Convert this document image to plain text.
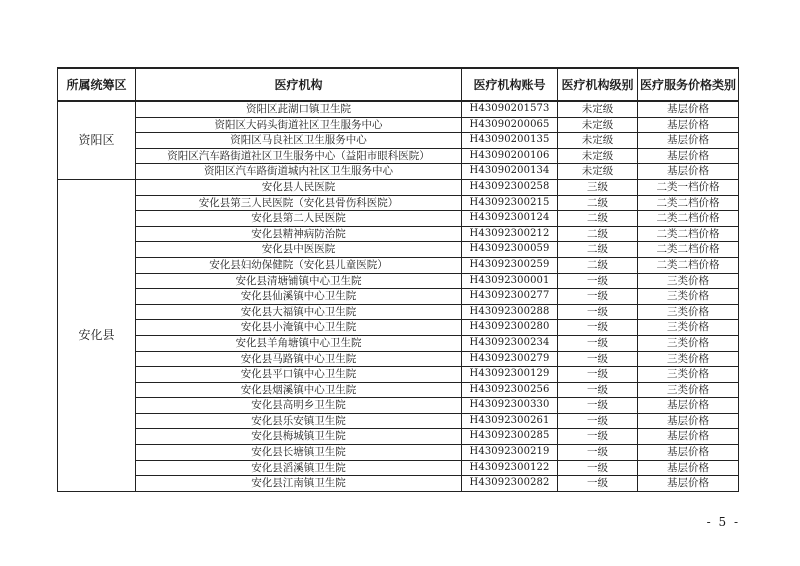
所属统筹区	医疗机构	医疗机构账号	医疗机构级别	医疗服务价格类别
资阳区	资阳区茈湖口镇卫生院	H43090201573	未定级	基层价格
	资阳区大码头街道社区卫生服务中心	H43090200065	未定级	基层价格
	资阳区马良社区卫生服务中心	H43090200135	未定级	基层价格
	资阳区汽车路街道社区卫生服务中心（益阳市眼科医院）	H43090200106	未定级	基层价格
	资阳区汽车路街道城内社区卫生服务中心	H43090200134	未定级	基层价格
安化县	安化县人民医院	H43092300258	三级	二类一档价格
	安化县第三人民医院（安化县骨伤科医院）	H43092300215	二级	二类二档价格
	安化县第二人民医院	H43092300124	二级	二类二档价格
	安化县精神病防治院	H43092300212	二级	二类二档价格
	安化县中医医院	H43092300059	二级	二类二档价格
	安化县妇幼保健院（安化县儿童医院）	H43092300259	二级	二类二档价格
	安化县清塘铺镇中心卫生院	H43092300001	一级	三类价格
	安化县仙溪镇中心卫生院	H43092300277	一级	三类价格
	安化县大福镇中心卫生院	H43092300288	一级	三类价格
	安化县小淹镇中心卫生院	H43092300280	一级	三类价格
	安化县羊角塘镇中心卫生院	H43092300234	一级	三类价格
	安化县马路镇中心卫生院	H43092300279	一级	三类价格
	安化县平口镇中心卫生院	H43092300129	一级	三类价格
	安化县烟溪镇中心卫生院	H43092300256	一级	三类价格
	安化县高明乡卫生院	H43092300330	一级	基层价格
	安化县乐安镇卫生院	H43092300261	一级	基层价格
	安化县梅城镇卫生院	H43092300285	一级	基层价格
	安化县长塘镇卫生院	H43092300219	一级	基层价格
	安化县滔溪镇卫生院	H43092300122	一级	基层价格
	安化县江南镇卫生院	H43092300282	一级	基层价格
- 5 -
